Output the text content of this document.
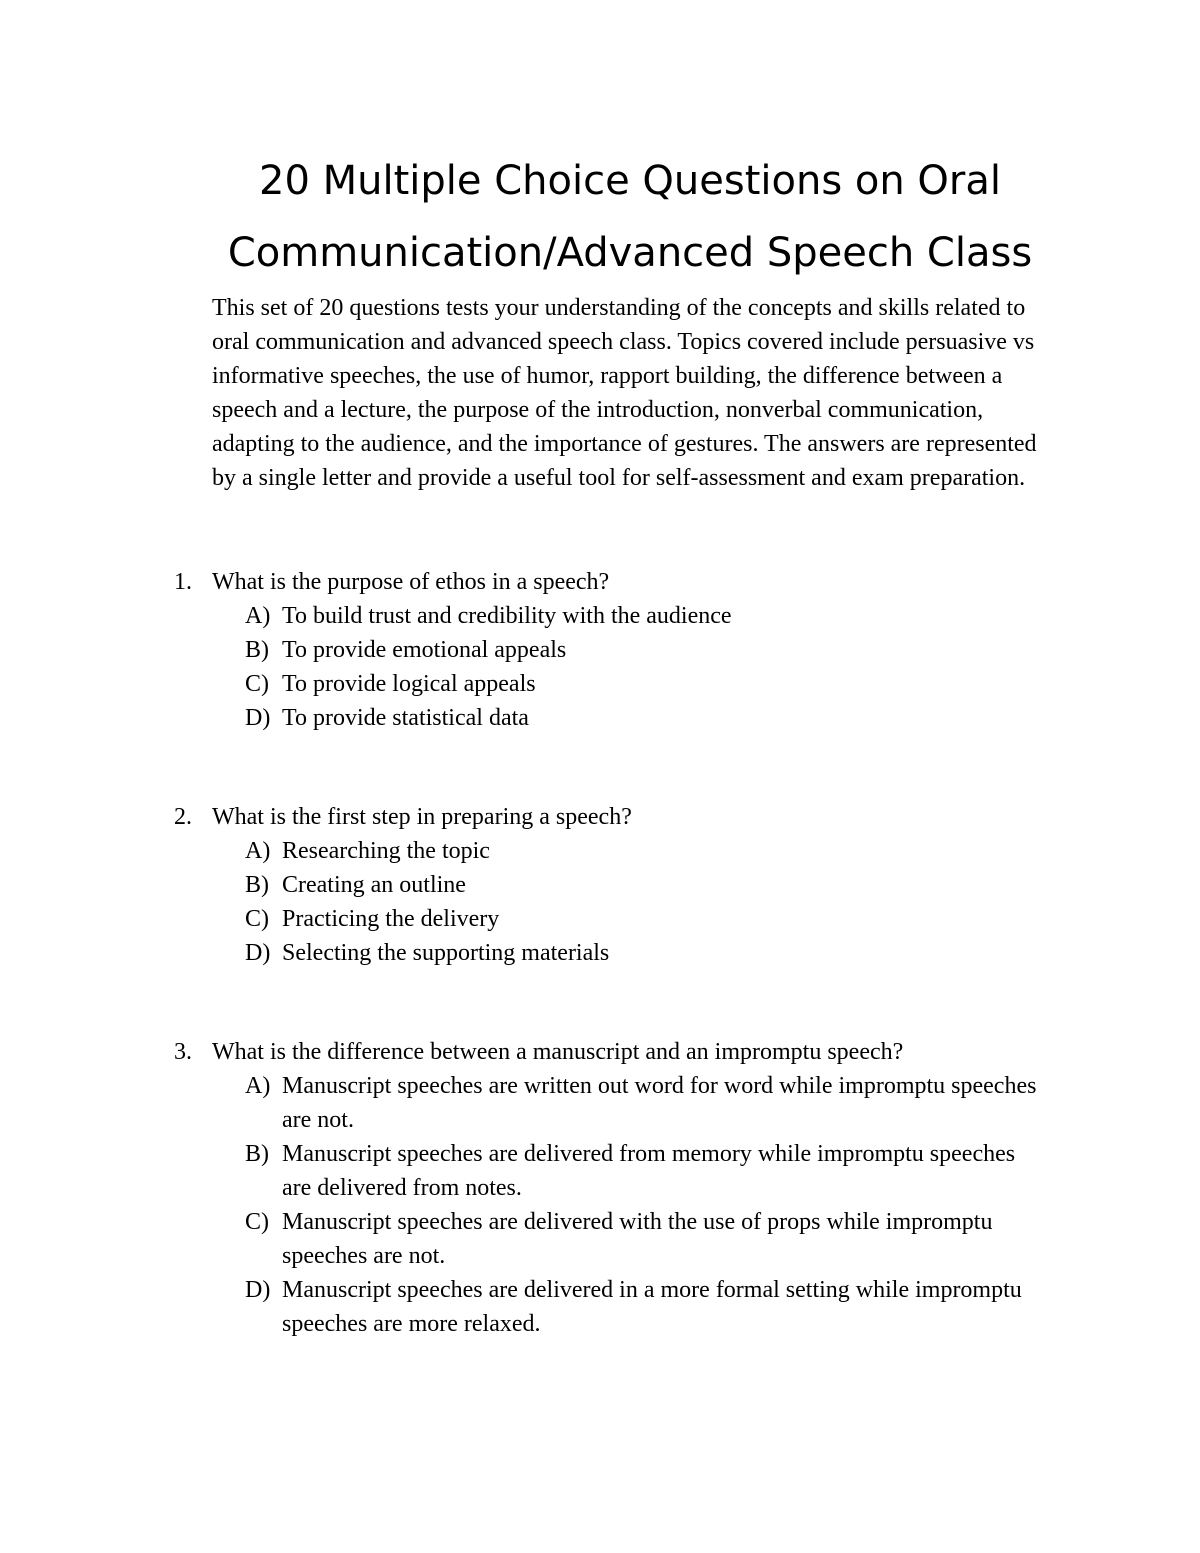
20 Multiple Choice Questions on Oral
Communication/Advanced Speech Class

This set of 20 questions tests your understanding of the concepts and skills related to oral communication and advanced speech class. Topics covered include persuasive vs informative speeches, the use of humor, rapport building, the difference between a speech and a lecture, the purpose of the introduction, nonverbal communication, adapting to the audience, and the importance of gestures. The answers are represented by a single letter and provide a useful tool for self-assessment and exam preparation.

1. What is the purpose of ethos in a speech?
A) To build trust and credibility with the audience
B) To provide emotional appeals
C) To provide logical appeals
D) To provide statistical data
2. What is the first step in preparing a speech?
A) Researching the topic
B) Creating an outline
C) Practicing the delivery
D) Selecting the supporting materials
3. What is the difference between a manuscript and an impromptu speech?
A) Manuscript speeches are written out word for word while impromptu speeches are not.
B) Manuscript speeches are delivered from memory while impromptu speeches are delivered from notes.
C) Manuscript speeches are delivered with the use of props while impromptu speeches are not.
D) Manuscript speeches are delivered in a more formal setting while impromptu speeches are more relaxed.
